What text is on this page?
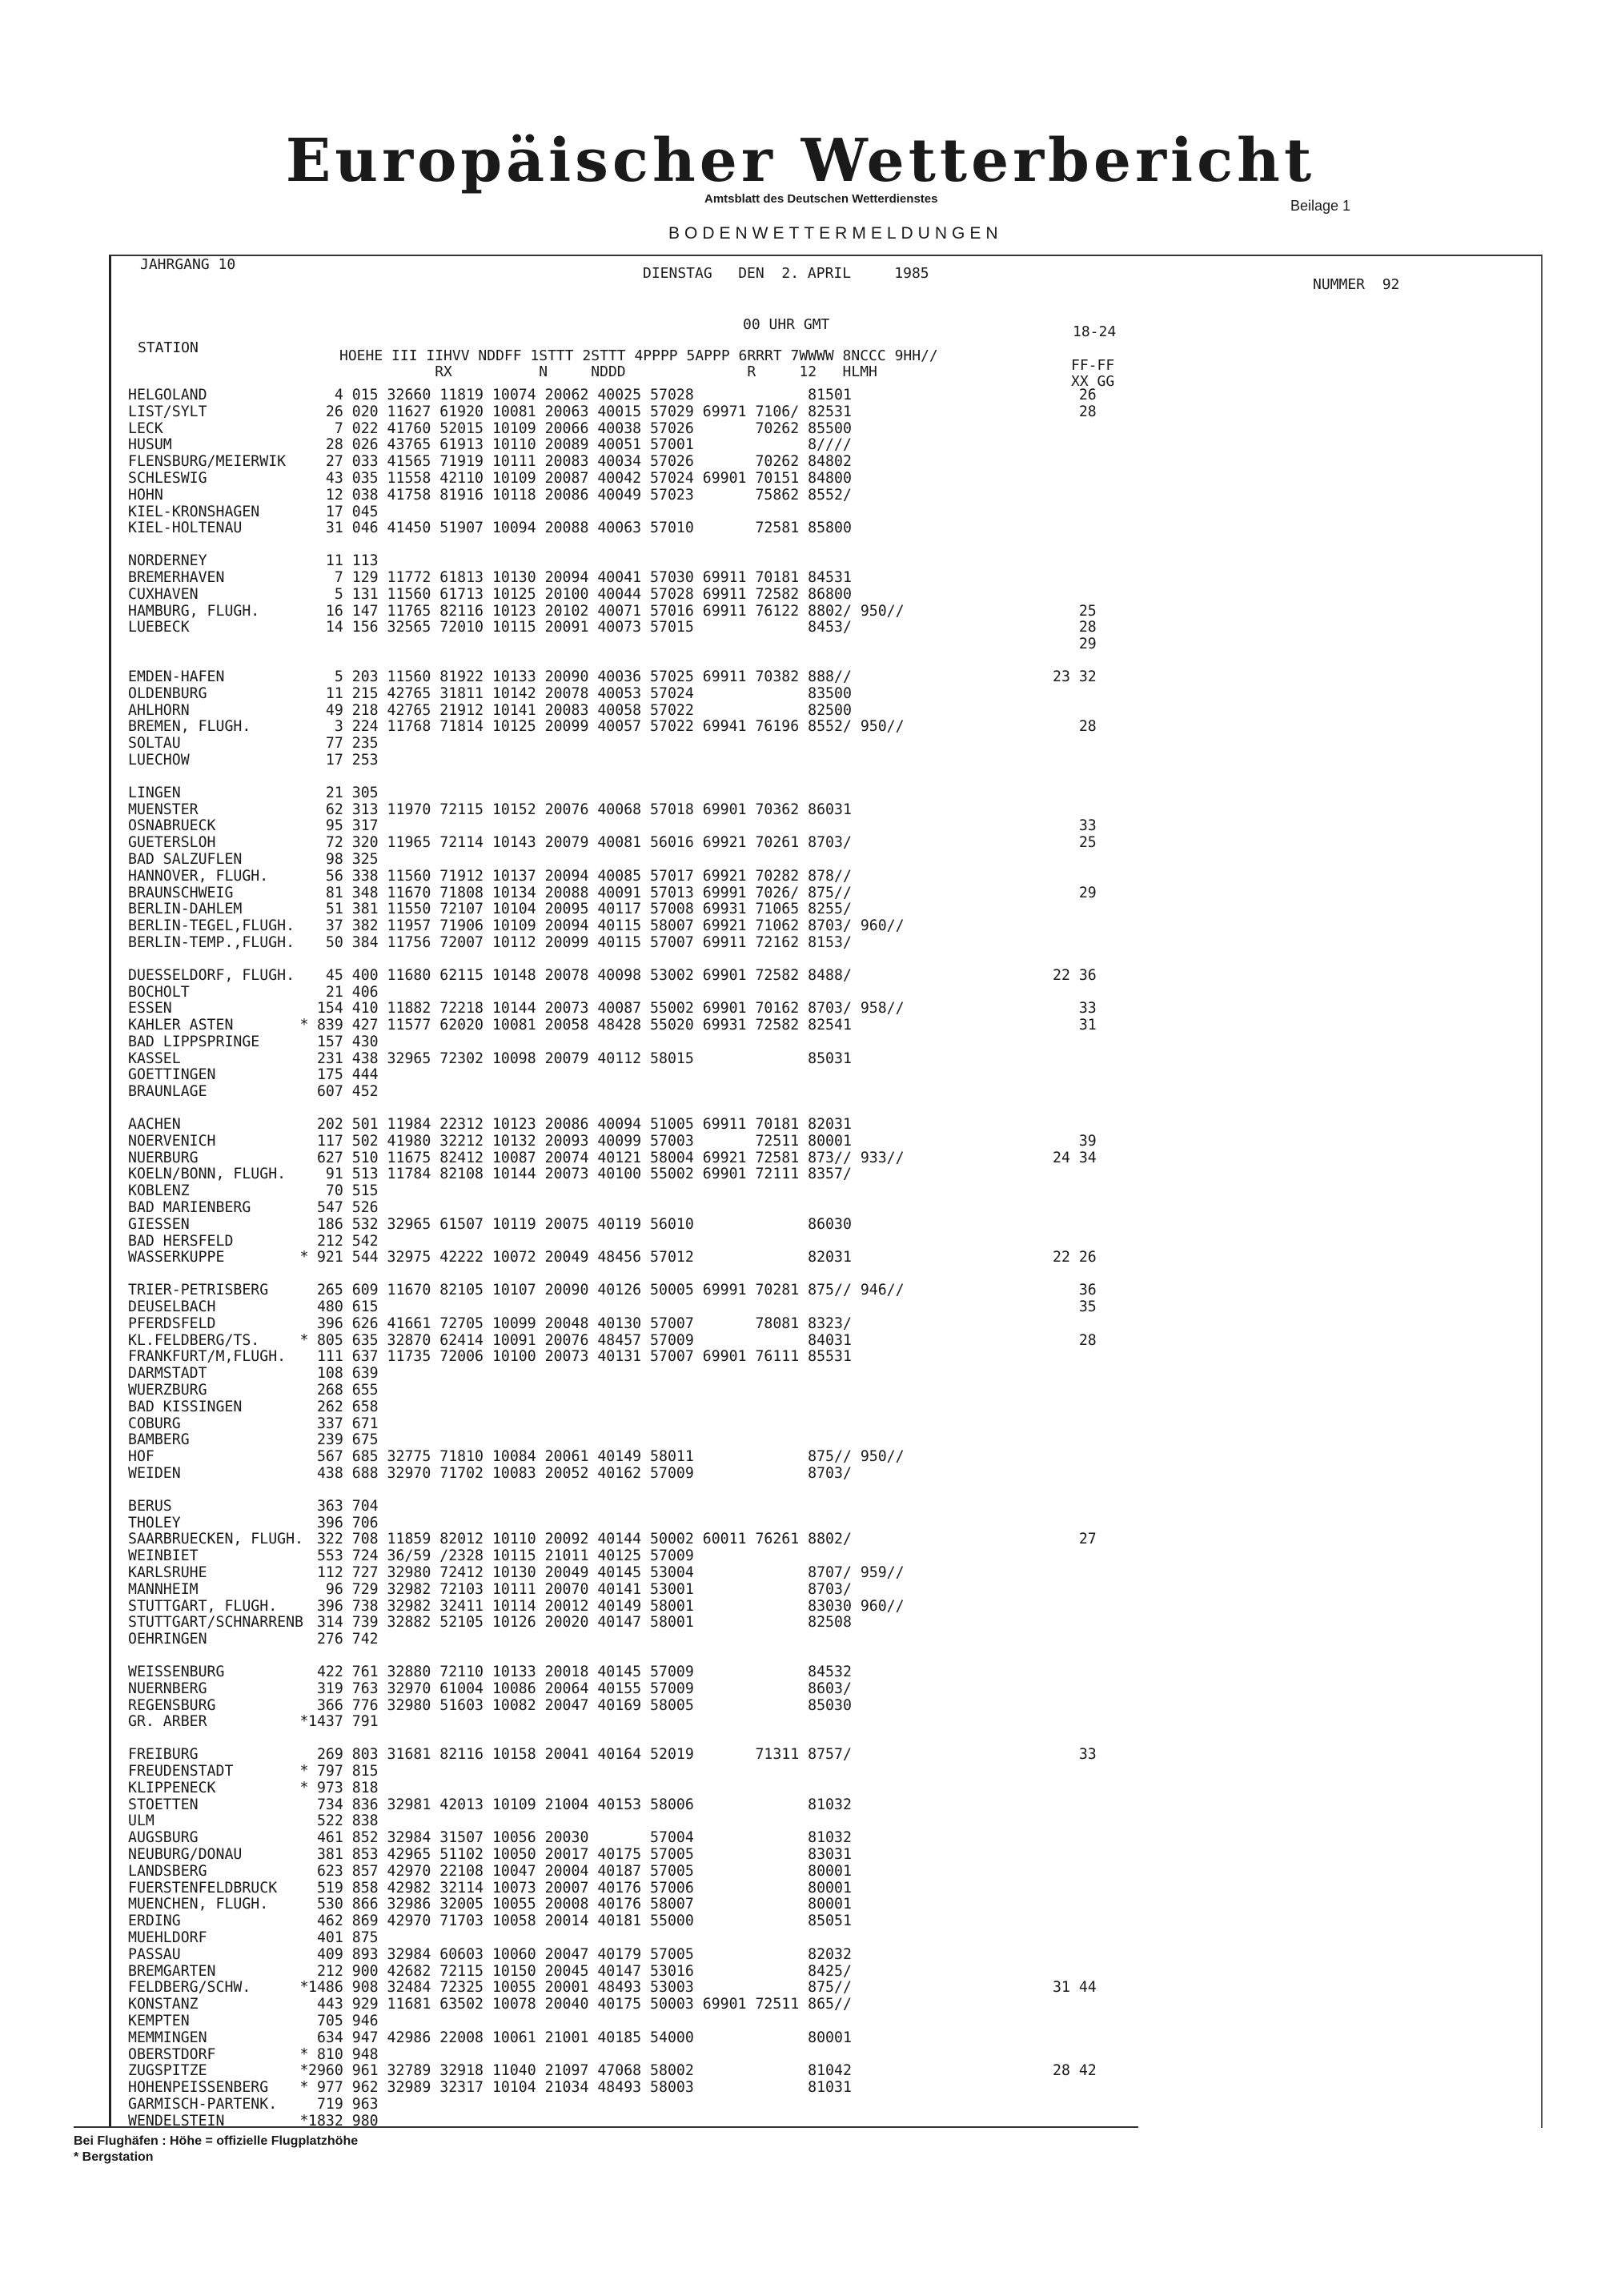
Europäischer Wetterbericht
Amtsblatt des Deutschen Wetterdienstes	Beilage 1
BODENWETTERMELDUNGEN
JAHRGANG 10
DIENSTAG   DEN  2. APRIL     1985
NUMMER  92
00 UHR GMT	18-24
STATION	HOEHE III IIHVV NDDFF 1STTT 2STTT 4PPPP 5APPP 6RRRT 7WWWW 8NCCC 9HH//
RX          N     NDDD              R     12   HLMH	FF-FF
XX GG
HELGOLAND	4 015 32660 11819 10074 20062 40025 57028             81501	26
LIST/SYLT	26 020 11627 61920 10081 20063 40015 57029 69971 7106/ 82531	28
LECK	7 022 41760 52015 10109 20066 40038 57026       70262 85500
HUSUM	28 026 43765 61913 10110 20089 40051 57001             8////
FLENSBURG/MEIERWIK 27 033 41565 71919 10111 20083 40034 57026       70262 84802
SCHLESWIG	43 035 11558 42110 10109 20087 40042 57024 69901 70151 84800
HOHN	12 038 41758 81916 10118 20086 40049 57023       75862 8552/
KIEL-KRONSHAGEN	17 045
KIEL-HOLTENAU	31 046 41450 51907 10094 20088 40063 57010       72581 85800
NORDERNEY	11 113
BREMERHAVEN	7 129 11772 61813 10130 20094 40041 57030 69911 70181 84531
CUXHAVEN	5 131 11560 61713 10125 20100 40044 57028 69911 72582 86800
HAMBURG, FLUGH.	16 147 11765 82116 10123 20102 40071 57016 69911 76122 8802/ 950//	25
LUEBECK	14 156 32565 72010 10115 20091 40073 57015             8453/	28
29
EMDEN-HAFEN	5 203 11560 81922 10133 20090 40036 57025 69911 70382 888//	23 32
OLDENBURG	11 215 42765 31811 10142 20078 40053 57024             83500
AHLHORN	49 218 42765 21912 10141 20083 40058 57022             82500
BREMEN, FLUGH.	3 224 11768 71814 10125 20099 40057 57022 69941 76196 8552/ 950//	28
SOLTAU	77 235
LUECHOW	17 253
LINGEN	21 305
MUENSTER	62 313 11970 72115 10152 20076 40068 57018 69901 70362 86031
OSNABRUECK	95 317	33
GUETERSLOH	72 320 11965 72114 10143 20079 40081 56016 69921 70261 8703/	25
BAD SALZUFLEN	98 325
HANNOVER, FLUGH.	56 338 11560 71912 10137 20094 40085 57017 69921 70282 878//
BRAUNSCHWEIG	81 348 11670 71808 10134 20088 40091 57013 69991 7026/ 875//	29
BERLIN-DAHLEM	51 381 11550 72107 10104 20095 40117 57008 69931 71065 8255/
BERLIN-TEGEL,FLUGH. 37 382 11957 71906 10109 20094 40115 58007 69921 71062 8703/ 960//
BERLIN-TEMP.,FLUGH. 50 384 11756 72007 10112 20099 40115 57007 69911 72162 8153/
DUESSELDORF, FLUGH. 45 400 11680 62115 10148 20078 40098 53002 69901 72582 8488/	22 36
BOCHOLT	21 406
ESSEN	154 410 11882 72218 10144 20073 40087 55002 69901 70162 8703/ 958//	33
KAHLER ASTEN	* 839 427 11577 62020 10081 20058 48428 55020 69931 72582 82541	31
BAD LIPPSPRINGE	157 430
KASSEL	231 438 32965 72302 10098 20079 40112 58015             85031
GOETTINGEN	175 444
BRAUNLAGE	607 452
AACHEN	202 501 11984 22312 10123 20086 40094 51005 69911 70181 82031
NOERVENICH	117 502 41980 32212 10132 20093 40099 57003       72511 80001	39
NUERBURG	627 510 11675 82412 10087 20074 40121 58004 69921 72581 873// 933//	24 34
KOELN/BONN, FLUGH. 91 513 11784 82108 10144 20073 40100 55002 69901 72111 8357/
KOBLENZ	70 515
BAD MARIENBERG	547 526
GIESSEN	186 532 32965 61507 10119 20075 40119 56010             86030
BAD HERSFELD	212 542
WASSERKUPPE	* 921 544 32975 42222 10072 20049 48456 57012             82031	22 26
TRIER-PETRISBERG	265 609 11670 82105 10107 20090 40126 50005 69991 70281 875// 946//	36
DEUSELBACH	480 615	35
PFERDSFELD	396 626 41661 72705 10099 20048 40130 57007       78081 8323/
KL.FELDBERG/TS.	* 805 635 32870 62414 10091 20076 48457 57009             84031	28
FRANKFURT/M,FLUGH. 111 637 11735 72006 10100 20073 40131 57007 69901 76111 85531
DARMSTADT	108 639
WUERZBURG	268 655
BAD KISSINGEN	262 658
COBURG	337 671
BAMBERG	239 675
HOF	567 685 32775 71810 10084 20061 40149 58011             875// 950//
WEIDEN	438 688 32970 71702 10083 20052 40162 57009             8703/
BERUS	363 704
THOLEY	396 706
SAARBRUECKEN, FLUGH. 322 708 11859 82012 10110 20092 40144 50002 60011 76261 8802/	27
WEINBIET	553 724 36/59 /2328 10115 21011 40125 57009
KARLSRUHE	112 727 32980 72412 10130 20049 40145 53004             8707/ 959//
MANNHEIM	96 729 32982 72103 10111 20070 40141 53001             8703/
STUTTGART, FLUGH. 396 738 32982 32411 10114 20012 40149 58001             83030 960//
STUTTGART/SCHNARRENB 314 739 32882 52105 10126 20020 40147 58001             82508
OEHRINGEN	276 742
WEISSENBURG	422 761 32880 72110 10133 20018 40145 57009             84532
NUERNBERG	319 763 32970 61004 10086 20064 40155 57009             8603/
REGENSBURG	366 776 32980 51603 10082 20047 40169 58005             85030
GR. ARBER	* 1437 791
FREIBURG	269 803 31681 82116 10158 20041 40164 52019       71311 8757/	33
FREUDENSTADT	* 797 815
KLIPPENECK	* 973 818
STOETTEN	734 836 32981 42013 10109 21004 40153 58006             81032
ULM	522 838
AUGSBURG	461 852 32984 31507 10056 20030       57004             81032
NEUBURG/DONAU	381 853 42965 51102 10050 20017 40175 57005             83031
LANDSBERG	623 857 42970 22108 10047 20004 40187 57005             80001
FUERSTENFELDBRUCK 519 858 42982 32114 10073 20007 40176 57006             80001
MUENCHEN, FLUGH.	530 866 32986 32005 10055 20008 40176 58007             80001
ERDING	462 869 42970 71703 10058 20014 40181 55000             85051
MUEHLDORF	401 875
PASSAU	409 893 32984 60603 10060 20047 40179 57005             82032
BREMGARTEN	212 900 42682 72115 10150 20045 40147 53016             8425/
FELDBERG/SCHW.	* 1486 908 32484 72325 10055 20001 48493 53003             875//	31 44
KONSTANZ	443 929 11681 63502 10078 20040 40175 50003 69901 72511 865//
KEMPTEN	705 946
MEMMINGEN	634 947 42986 22008 10061 21001 40185 54000             80001
OBERSTDORF	* 810 948
ZUGSPITZE	* 2960 961 32789 32918 11040 21097 47068 58002             81042	28 42
HOHENPEISSENBERG * 977 962 32989 32317 10104 21034 48493 58003             81031
GARMISCH-PARTENK. 719 963
WENDELSTEIN	* 1832 980
Bei Flughäfen : Höhe = offizielle Flugplatzhöhe
* Bergstation
